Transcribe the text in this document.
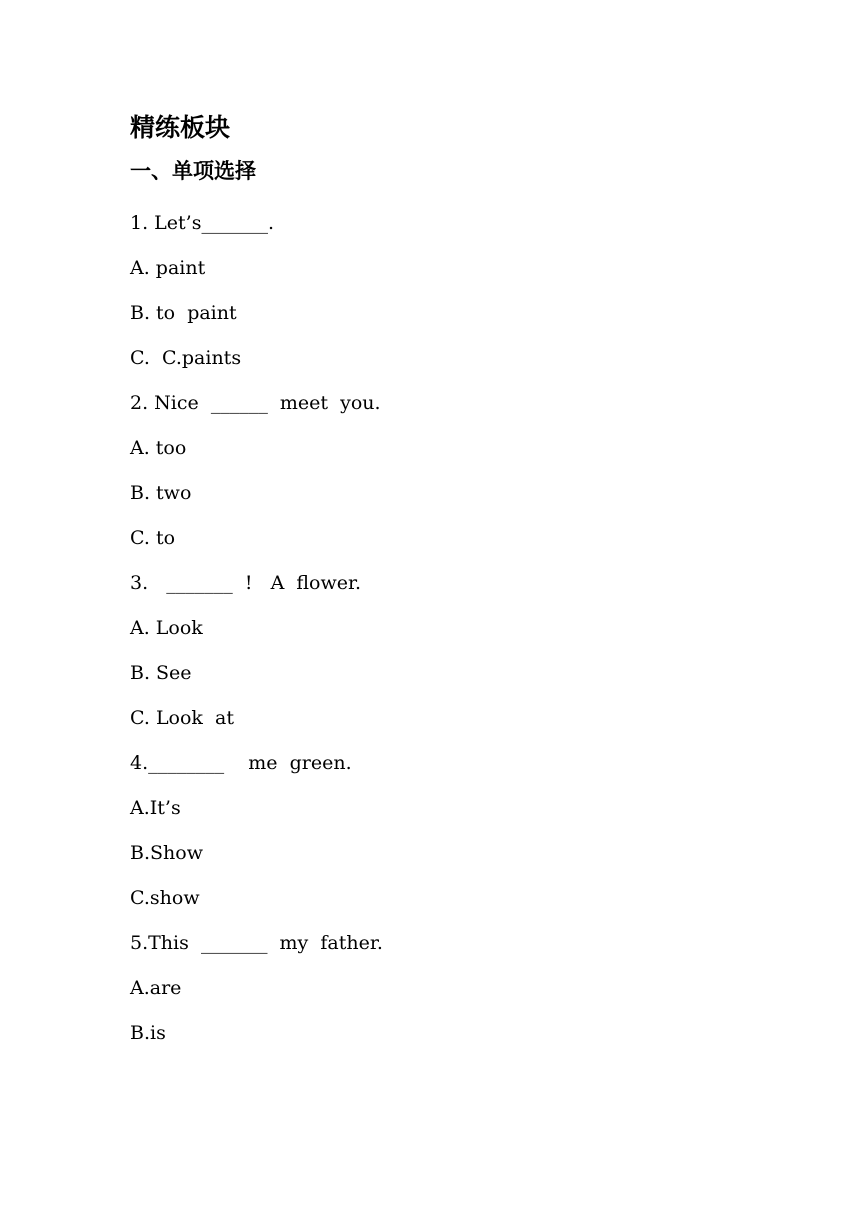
精练板块
一、单项选择
1. Let’s_______.
A. paint
B. to  paint
C.  C.paints
2. Nice  ______  meet  you.
A. too
B. two
C. to
3.   _______  !   A  flower.
A. Look
B. See
C. Look  at
4.________    me  green.
A.It’s
B.Show
C.show
5.This  _______  my  father.
A.are
B.is
